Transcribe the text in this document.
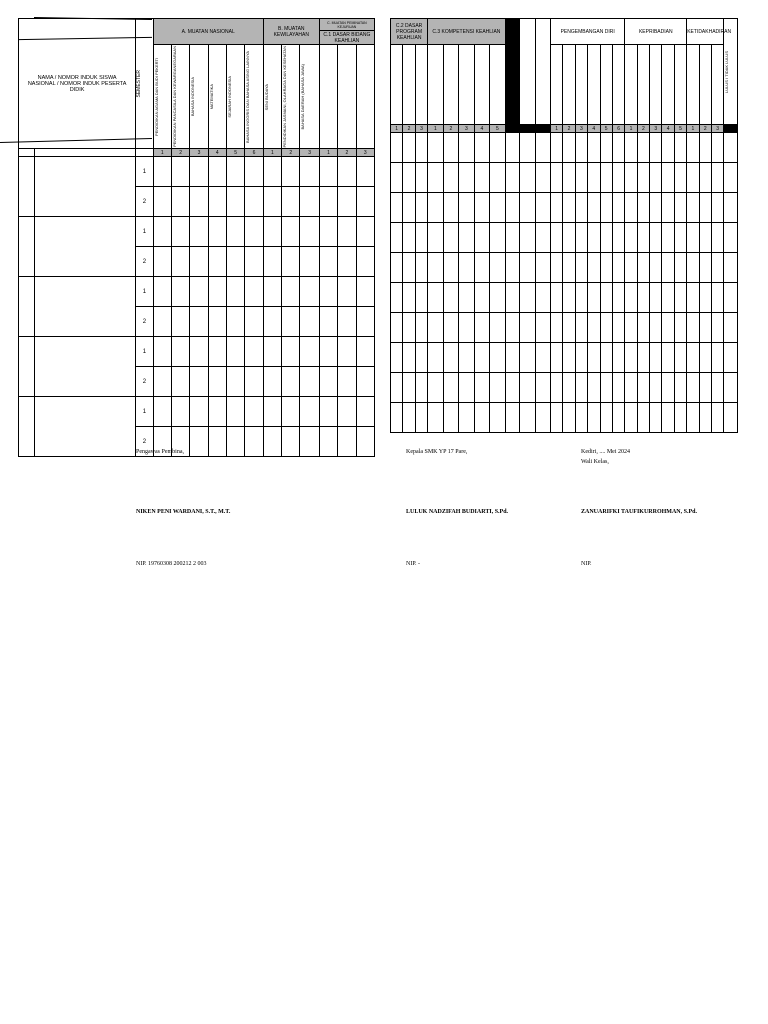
NAMA / NOMOR INDUK SISWA NASIONAL / NOMOR INDUK PESERTA DIDIK		SEMESTER	A. MUATAN NASIONAL						B. MUATAN KEWILAYAHAN			C. MUATAN PEMINATAN KEJURUAN		
												C.1 DASAR BIDANG KEAHLIAN		

			PENDIDIKAN AGAMA DAN BUDI PEKERTI	PENDIDIKAN PANCASILA DAN KEWARGANEGARAAN	BAHASA INDONESIA	MATEMATIKA	SEJARAH INDONESIA	BAHASA INGGRIS DAN BAHASA ASING LAINNYA	SENI BUDAYA	PENDIDIKAN JASMANI, OLAHRAGA DAN KESEHATAN	BAHASA DAERAH (BAHASA JAWA)			

			1	2	3	4	5	6	1	2	3	1	2	3

		1												

		2												

		1												

		2												

		1												

		2												

		1												

		2												

		1												

		2												

C.2 DASAR PROGRAM KEAHLIAN			C.3 KOMPETENSI KEAHLIAN								PENGEMBANGAN DIRI						KEPRIBADIAN					KETIDAKHADIRAN			LULUS / TIDAK LULUS

1	2	3	1	2	3	4	5				1	2	3	4	5	6	1	2	3	4	5	1	2	3	

Pengawas Pembina,
NIKEN PENI WARDANI, S.T., M.T.
NIP. 19760308 200212 2 003
Kepala SMK YP 17 Pare,
LULUK NADZIFAH BUDIARTI, S.Pd.
NIP. -
Kediri, .... Mei 2024
Wali Kelas,
ZANUARIFKI TAUFIKURROHMAN, S.Pd.
NIP.
